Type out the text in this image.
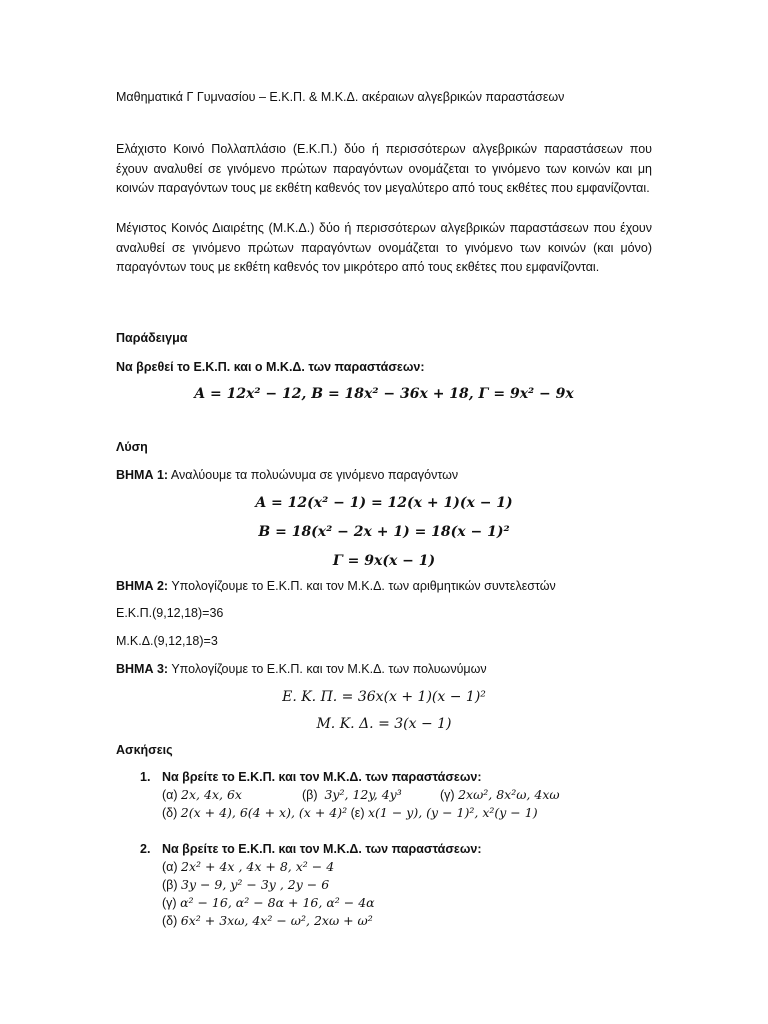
Μαθηματικά Γ Γυμνασίου – Ε.Κ.Π. & Μ.Κ.Δ. ακέραιων αλγεβρικών παραστάσεων
Ελάχιστο Κοινό Πολλαπλάσιο (Ε.Κ.Π.) δύο ή περισσότερων αλγεβρικών παραστάσεων που έχουν αναλυθεί σε γινόμενο πρώτων παραγόντων ονομάζεται το γινόμενο των κοινών και μη κοινών παραγόντων τους με εκθέτη καθενός τον μεγαλύτερο από τους εκθέτες που εμφανίζονται.
Μέγιστος Κοινός Διαιρέτης (Μ.Κ.Δ.) δύο ή περισσότερων αλγεβρικών παραστάσεων που έχουν αναλυθεί σε γινόμενο πρώτων παραγόντων ονομάζεται το γινόμενο των κοινών (και μόνο) παραγόντων τους με εκθέτη καθενός τον μικρότερο από τους εκθέτες που εμφανίζονται.
Παράδειγμα
Να βρεθεί το Ε.Κ.Π. και ο Μ.Κ.Δ. των παραστάσεων:
A = 12x² − 12, B = 18x² − 36x + 18, Γ = 9x² − 9x
Λύση
ΒΗΜΑ 1: Αναλύουμε τα πολυώνυμα σε γινόμενο παραγόντων
A = 12(x² − 1) = 12(x + 1)(x − 1)
B = 18(x² − 2x + 1) = 18(x − 1)²
Γ = 9x(x − 1)
ΒΗΜΑ 2: Υπολογίζουμε το Ε.Κ.Π. και τον Μ.Κ.Δ. των αριθμητικών συντελεστών
Ε.Κ.Π.(9,12,18)=36
Μ.Κ.Δ.(9,12,18)=3
ΒΗΜΑ 3: Υπολογίζουμε το Ε.Κ.Π. και τον Μ.Κ.Δ. των πολυωνύμων
Ε. Κ. Π. = 36x(x + 1)(x − 1)²
Μ. Κ. Δ. = 3(x − 1)
Ασκήσεις
1. Να βρείτε το Ε.Κ.Π. και τον Μ.Κ.Δ. των παραστάσεων:
(α) 2x, 4x, 6x	(β) 3y², 12y, 4y³	(γ) 2xω², 8x²ω, 4xω
(δ) 2(x + 4), 6(4 + x), (x + 4)² (ε) x(1 − y), (y − 1)², x²(y − 1)
2. Να βρείτε το Ε.Κ.Π. και τον Μ.Κ.Δ. των παραστάσεων:
(α) 2x² + 4x , 4x + 8, x² − 4
(β) 3y − 9, y² − 3y , 2y − 6
(γ) α² − 16, α² − 8α + 16, α² − 4α
(δ) 6x² + 3xω, 4x² − ω², 2xω + ω²
